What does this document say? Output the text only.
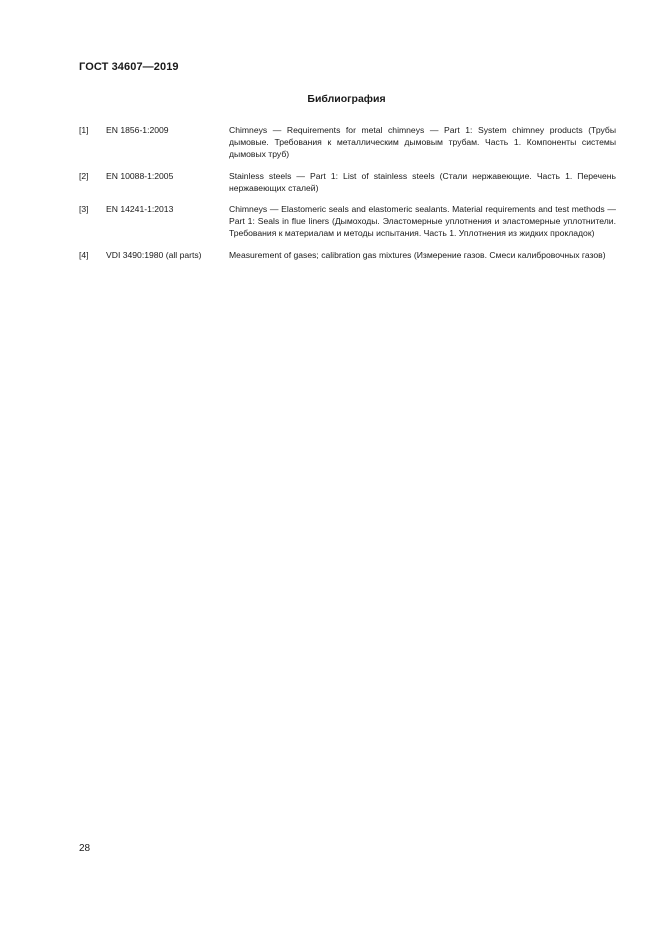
ГОСТ 34607—2019
Библиография
[1]	EN 1856-1:2009	Chimneys — Requirements for metal chimneys — Part 1: System chimney products (Трубы дымовые. Требования к металлическим дымовым трубам. Часть 1. Компоненты системы дымовых труб)
[2]	EN 10088-1:2005	Stainless steels — Part 1: List of stainless steels (Стали нержавеющие. Часть 1. Перечень нержавеющих сталей)
[3]	EN 14241-1:2013	Chimneys — Elastomeric seals and elastomeric sealants. Material requirements and test methods — Part 1: Seals in flue liners (Дымоходы. Эластомерные уплотнения и эластомерные уплотнители. Требования к материалам и методы испытания. Часть 1. Уплотнения из жидких прокладок)
[4]	VDI 3490:1980 (all parts)	Measurement of gases; calibration gas mixtures (Измерение газов. Смеси калибровочных газов)
28
